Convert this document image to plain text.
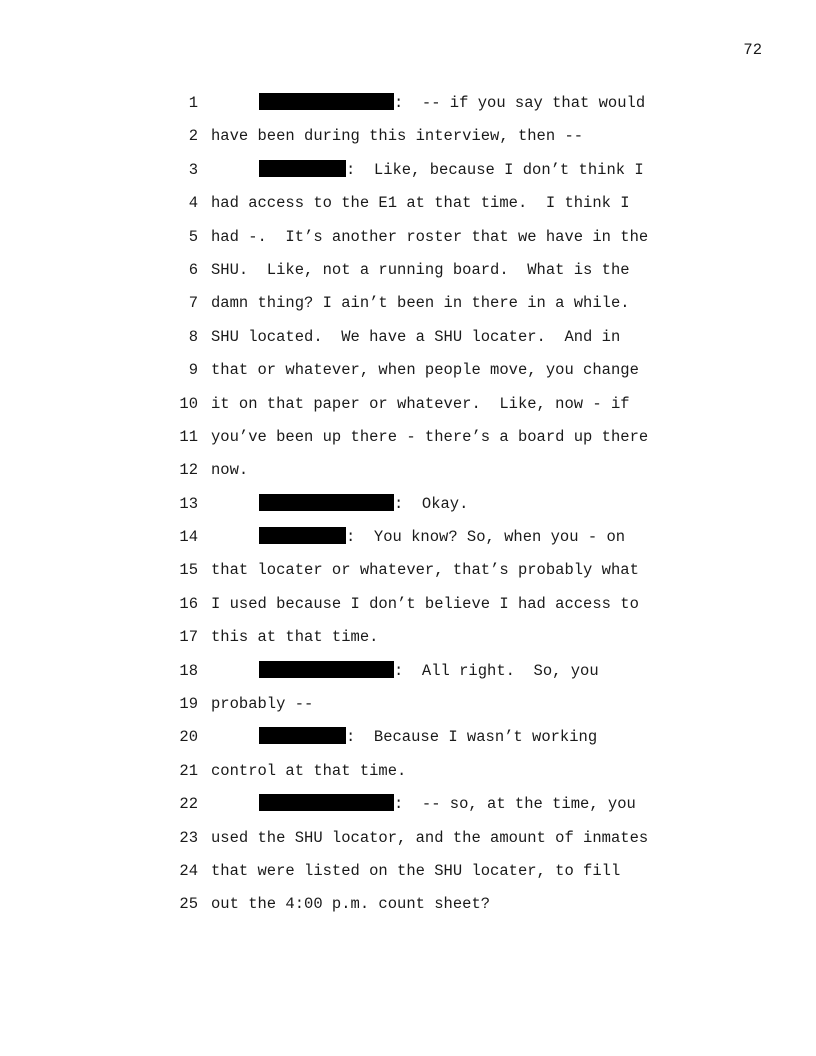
72
1	:  -- if you say that would
2 have been during this interview, then --
3	:  Like, because I don’t think I
4 had access to the E1 at that time.  I think I
5 had -.  It’s another roster that we have in the
6 SHU.  Like, not a running board.  What is the
7 damn thing? I ain’t been in there in a while.
8 SHU located.  We have a SHU locater.  And in
9 that or whatever, when people move, you change
10 it on that paper or whatever.  Like, now - if
11 you’ve been up there - there’s a board up there
12 now.
13	:  Okay.
14	:  You know? So, when you - on
15 that locater or whatever, that’s probably what
16 I used because I don’t believe I had access to
17 this at that time.
18	:  All right.  So, you
19 probably --
20	:  Because I wasn’t working
21 control at that time.
22	:  -- so, at the time, you
23 used the SHU locator, and the amount of inmates
24 that were listed on the SHU locater, to fill
25 out the 4:00 p.m. count sheet?
